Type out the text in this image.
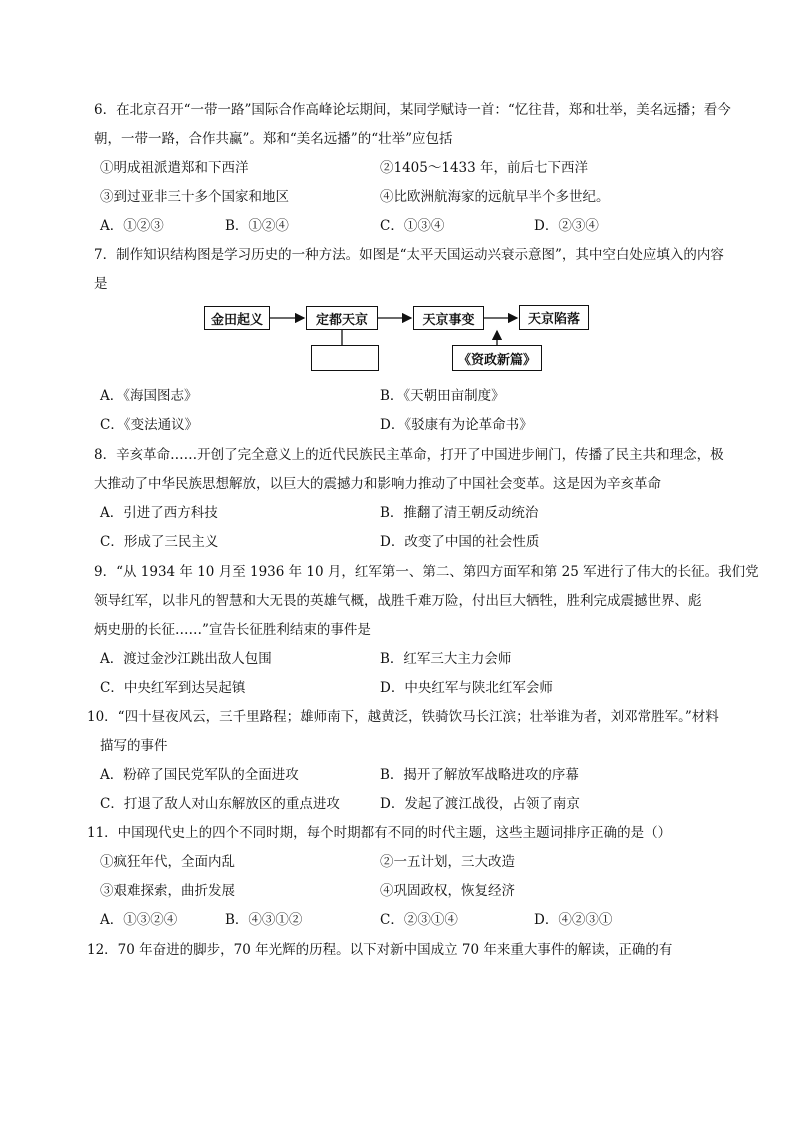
6．在北京召开“一带一路”国际合作高峰论坛期间，某同学赋诗一首：“忆往昔，郑和壮举，美名远播；看今
朝，一带一路，合作共赢”。郑和“美名远播”的“壮举”应包括
①明成祖派遣郑和下西洋	②1405～1433 年，前后七下西洋
③到过亚非三十多个国家和地区	④比欧洲航海家的远航早半个多世纪。
A．①②③	B．①②④	C．①③④	D．②③④
7．制作知识结构图是学习历史的一种方法。如图是“太平天国运动兴衰示意图”，其中空白处应填入的内容
是
金田起义	定都天京	天京事变	天京陷落
《资政新篇》
A．《海国图志》	B．《天朝田亩制度》
C．《变法通议》	D．《驳康有为论革命书》
8．辛亥革命……开创了完全意义上的近代民族民主革命，打开了中国进步闸门，传播了民主共和理念，极
大推动了中华民族思想解放，以巨大的震撼力和影响力推动了中国社会变革。这是因为辛亥革命
A．引进了西方科技	B．推翻了清王朝反动统治
C．形成了三民主义	D．改变了中国的社会性质
9．“从 1934 年 10 月至 1936 年 10 月，红军第一、第二、第四方面军和第 25 军进行了伟大的长征。我们党
领导红军，以非凡的智慧和大无畏的英雄气概，战胜千难万险，付出巨大牺牲，胜利完成震撼世界、彪
炳史册的长征……”宣告长征胜利结束的事件是
A．渡过金沙江跳出敌人包围	B．红军三大主力会师
C．中央红军到达吴起镇	D．中央红军与陕北红军会师
10．“四十昼夜风云，三千里路程；雄师南下，越黄泛，铁骑饮马长江滨；壮举谁为者，刘邓常胜军。”材料
描写的事件
A．粉碎了国民党军队的全面进攻	B．揭开了解放军战略进攻的序幕
C．打退了敌人对山东解放区的重点进攻	D．发起了渡江战役，占领了南京
11．中国现代史上的四个不同时期，每个时期都有不同的时代主题，这些主题词排序正确的是（）
①疯狂年代，全面内乱	②一五计划，三大改造
③艰难探索，曲折发展	④巩固政权，恢复经济
A．①③②④	B．④③①②	C．②③①④	D．④②③①
12．70 年奋进的脚步，70 年光辉的历程。以下对新中国成立 70 年来重大事件的解读，正确的有
